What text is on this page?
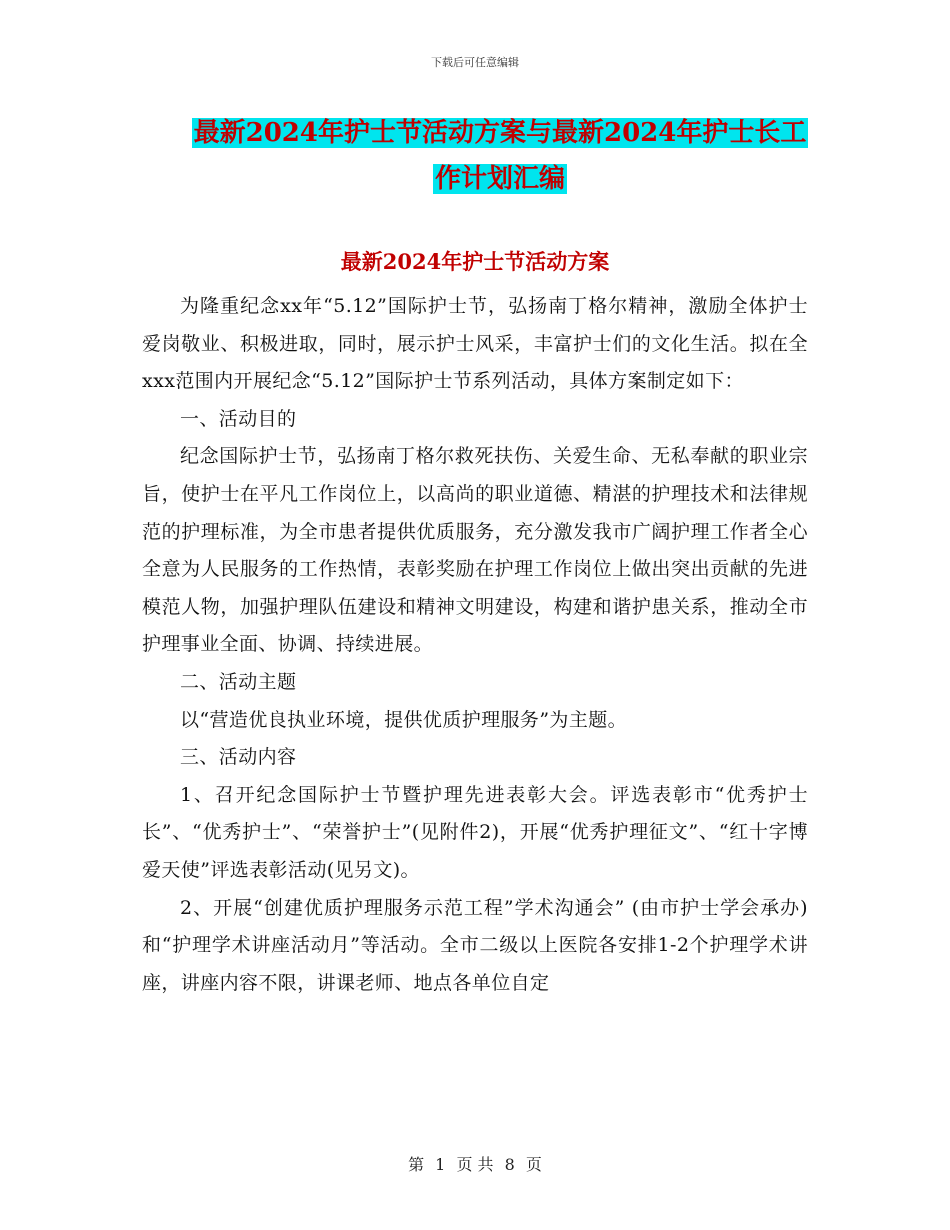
下载后可任意编辑
最新2024年护士节活动方案与最新2024年护士长工
作计划汇编
最新2024年护士节活动方案

为隆重纪念xx年“5.12”国际护士节，弘扬南丁格尔精神，激励全体护士爱岗敬业、积极进取，同时，展示护士风采，丰富护士们的文化生活。拟在全xxx范围内开展纪念“5.12”国际护士节系列活动，具体方案制定如下：

一、活动目的

纪念国际护士节，弘扬南丁格尔救死扶伤、关爱生命、无私奉献的职业宗旨，使护士在平凡工作岗位上，以高尚的职业道德、精湛的护理技术和法律规范的护理标准，为全市患者提供优质服务，充分激发我市广阔护理工作者全心全意为人民服务的工作热情，表彰奖励在护理工作岗位上做出突出贡献的先进模范人物，加强护理队伍建设和精神文明建设，构建和谐护患关系，推动全市护理事业全面、协调、持续进展。

二、活动主题

以“营造优良执业环境，提供优质护理服务”为主题。

三、活动内容

1、召开纪念国际护士节暨护理先进表彰大会。评选表彰市“优秀护士长”、“优秀护士”、“荣誉护士”(见附件2)，开展“优秀护理征文”、“红十字博爱天使”评选表彰活动(见另文)。

2、开展“创建优质护理服务示范工程”学术沟通会” (由市护士学会承办)和“护理学术讲座活动月”等活动。全市二级以上医院各安排1-2个护理学术讲座，讲座内容不限，讲课老师、地点各单位自定

第 1 页 共 8 页
